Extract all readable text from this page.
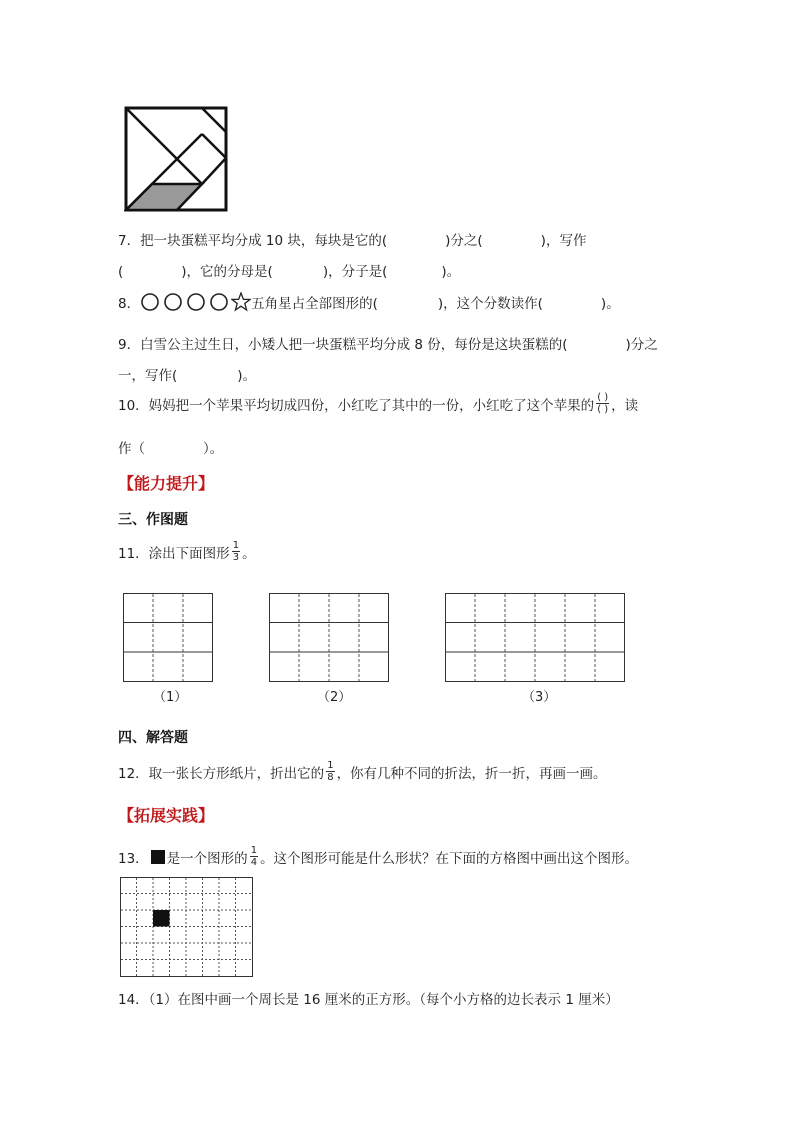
7．把一块蛋糕平均分成 10 块，每块是它的(	)分之(	)，写作
(	)，它的分母是(	)，分子是(	)。
8．	五角星占全部图形的(	)，这个分数读作(	)。
9．白雪公主过生日，小矮人把一块蛋糕平均分成 8 份，每份是这块蛋糕的(	)分之
一，写作(	)。
10．妈妈把一个苹果平均切成四份，小红吃了其中的一份，小红吃了这个苹果的 $\frac{( )}{( )}$ ，读
作（	）。
【能力提升】
三、作图题
11．涂出下面图形 $\frac{1}{3}$ 。
（1）	（2）	（3）
四、解答题
12．取一张长方形纸片，折出它的 $\frac{1}{8}$ ，你有几种不同的折法，折一折，再画一画。
【拓展实践】
13． 是一个图形的 $\frac{1}{4}$ 。这个图形可能是什么形状？在下面的方格图中画出这个图形。
14．（1）在图中画一个周长是 16 厘米的正方形。（每个小方格的边长表示 1 厘米）
